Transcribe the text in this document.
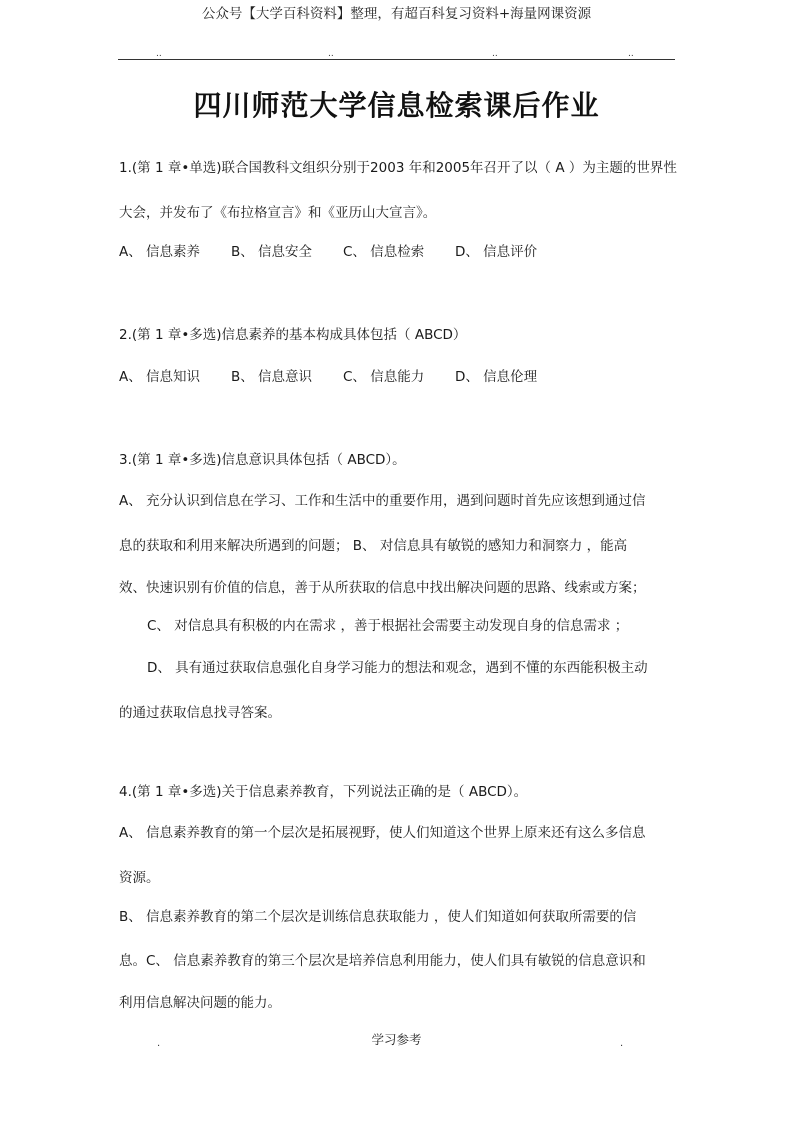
公众号【大学百科资料】整理，有超百科复习资料+海量网课资源
..	..	..	..
四川师范大学信息检索课后作业
1.(第 1 章•单选)联合国教科文组织分别于2003 年和2005年召开了以（ A ）为主题的世界性
大会，并发布了《布拉格宣言》和《亚历山大宣言》。
A、 信息素养 B、 信息安全 C、 信息检索 D、 信息评价
2.(第 1 章•多选)信息素养的基本构成具体包括（ ABCD）
A、 信息知识 B、 信息意识 C、 信息能力 D、 信息伦理
3.(第 1 章•多选)信息意识具体包括（ ABCD）。
A、 充分认识到信息在学习、工作和生活中的重要作用，遇到问题时首先应该想到通过信
息的获取和利用来解决所遇到的问题； B、 对信息具有敏锐的感知力和洞察力 ，能高
效、快速识别有价值的信息，善于从所获取的信息中找出解决问题的思路、线索或方案；
C、 对信息具有积极的内在需求 ，善于根据社会需要主动发现自身的信息需求 ；
D、 具有通过获取信息强化自身学习能力的想法和观念，遇到不懂的东西能积极主动
的通过获取信息找寻答案。
4.(第 1 章•多选)关于信息素养教育，下列说法正确的是（ ABCD）。
A、 信息素养教育的第一个层次是拓展视野，使人们知道这个世界上原来还有这么多信息
资源。
B、 信息素养教育的第二个层次是训练信息获取能力 ，使人们知道如何获取所需要的信
息。C、 信息素养教育的第三个层次是培养信息利用能力，使人们具有敏锐的信息意识和
利用信息解决问题的能力。
.	学习参考	.
